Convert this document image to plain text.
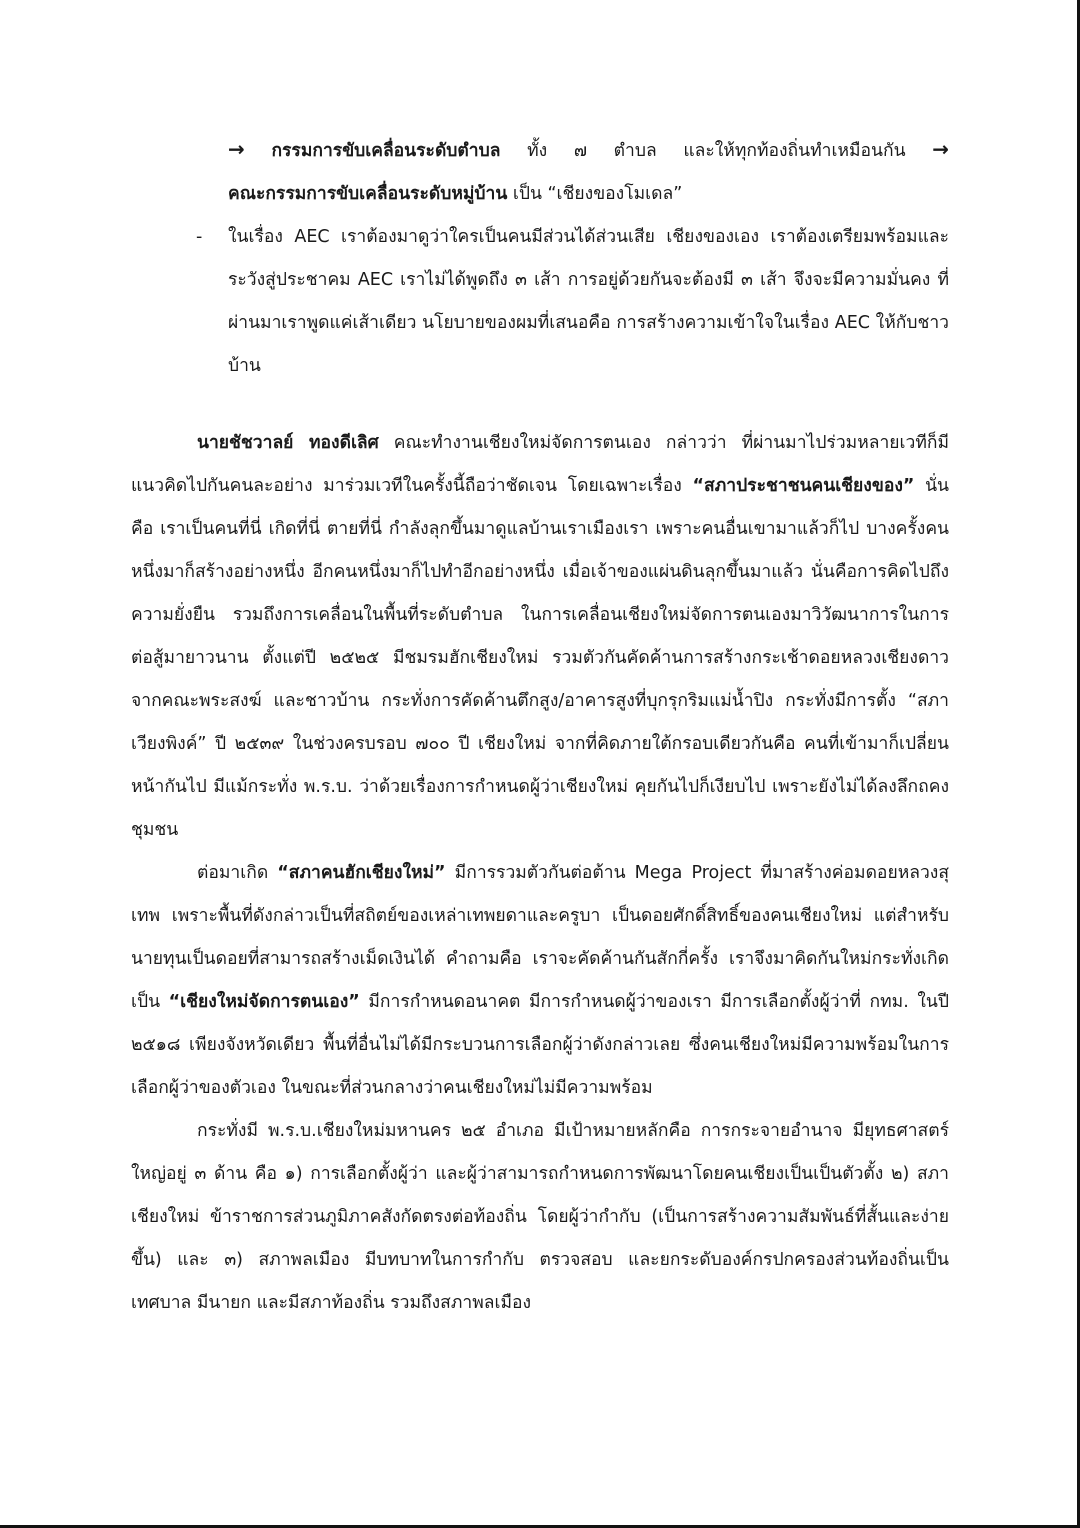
→ กรรมการขับเคลื่อนระดับตำบล ทั้ง ๗ ตำบล และให้ทุกท้องถิ่นทำเหมือนกัน →
คณะกรรมการขับเคลื่อนระดับหมู่บ้าน เป็น “เชียงของโมเดล”
- ในเรื่อง AEC เราต้องมาดูว่าใครเป็นคนมีส่วนได้ส่วนเสีย เชียงของเอง เราต้องเตรียมพร้อมและระวังสู่ประชาคม AEC เราไม่ได้พูดถึง ๓ เส้า การอยู่ด้วยกันจะต้องมี ๓ เส้า จึงจะมีความมั่นคง ที่ผ่านมาเราพูดแค่เส้าเดียว นโยบายของผมที่เสนอคือ การสร้างความเข้าใจในเรื่อง AEC ให้กับชาวบ้าน

นายชัชวาลย์ ทองดีเลิศ คณะทำงานเชียงใหม่จัดการตนเอง กล่าวว่า ที่ผ่านมาไปร่วมหลายเวทีก็มีแนวคิดไปกันคนละอย่าง มาร่วมเวทีในครั้งนี้ถือว่าชัดเจน โดยเฉพาะเรื่อง “สภาประชาชนคนเชียงของ” นั่นคือ เราเป็นคนที่นี่ เกิดที่นี่ ตายที่นี่ กำลังลุกขึ้นมาดูแลบ้านเราเมืองเรา เพราะคนอื่นเขามาแล้วก็ไป บางครั้งคนหนึ่งมาก็สร้างอย่างหนึ่ง อีกคนหนึ่งมาก็ไปทำอีกอย่างหนึ่ง เมื่อเจ้าของแผ่นดินลุกขึ้นมาแล้ว นั่นคือการคิดไปถึงความยั่งยืน รวมถึงการเคลื่อนในพื้นที่ระดับตำบล ในการเคลื่อนเชียงใหม่จัดการตนเองมาวิวัฒนาการในการต่อสู้มายาวนาน ตั้งแต่ปี ๒๕๒๕ มีชมรมฮักเชียงใหม่ รวมตัวกันคัดค้านการสร้างกระเช้าดอยหลวงเชียงดาว จากคณะพระสงฆ์ และชาวบ้าน กระทั่งการคัดค้านตึกสูง/อาคารสูงที่บุกรุกริมแม่น้ำปิง กระทั่งมีการตั้ง “สภาเวียงพิงค์” ปี ๒๕๓๙ ในช่วงครบรอบ ๗๐๐ ปี เชียงใหม่ จากที่คิดภายใต้กรอบเดียวกันคือ คนที่เข้ามาก็เปลี่ยนหน้ากันไป มีแม้กระทั่ง พ.ร.บ. ว่าด้วยเรื่องการกำหนดผู้ว่าเชียงใหม่ คุยกันไปก็เงียบไป เพราะยังไม่ได้ลงลึกถคงชุมชน

ต่อมาเกิด “สภาคนฮักเชียงใหม่” มีการรวมตัวกันต่อต้าน Mega Project ที่มาสร้างค่อมดอยหลวงสุเทพ เพราะพื้นที่ดังกล่าวเป็นที่สถิตย์ของเหล่าเทพยดาและครูบา เป็นดอยศักดิ์สิทธิ์ของคนเชียงใหม่ แต่สำหรับนายทุนเป็นดอยที่สามารถสร้างเม็ดเงินได้ คำถามคือ เราจะคัดค้านกันสักกี่ครั้ง เราจึงมาคิดกันใหม่กระทั่งเกิดเป็น “เชียงใหม่จัดการตนเอง” มีการกำหนดอนาคต มีการกำหนดผู้ว่าของเรา มีการเลือกตั้งผู้ว่าที่ กทม. ในปี ๒๕๑๘ เพียงจังหวัดเดียว พื้นที่อื่นไม่ได้มีกระบวนการเลือกผู้ว่าดังกล่าวเลย ซึ่งคนเชียงใหม่มีความพร้อมในการเลือกผู้ว่าของตัวเอง ในขณะที่ส่วนกลางว่าคนเชียงใหม่ไม่มีความพร้อม

กระทั่งมี พ.ร.บ.เชียงใหม่มหานคร ๒๕ อำเภอ มีเป้าหมายหลักคือ การกระจายอำนาจ มียุทธศาสตร์ใหญ่อยู่ ๓ ด้าน คือ ๑) การเลือกตั้งผู้ว่า และผู้ว่าสามารถกำหนดการพัฒนาโดยคนเชียงเป็นเป็นตัวตั้ง ๒) สภาเชียงใหม่ ข้าราชการส่วนภูมิภาคสังกัดตรงต่อท้องถิ่น โดยผู้ว่ากำกับ (เป็นการสร้างความสัมพันธ์ที่สั้นและง่ายขึ้น) และ ๓) สภาพลเมือง มีบทบาทในการกำกับ ตรวจสอบ และยกระดับองค์กรปกครองส่วนท้องถิ่นเป็นเทศบาล มีนายก และมีสภาท้องถิ่น รวมถึงสภาพลเมือง
